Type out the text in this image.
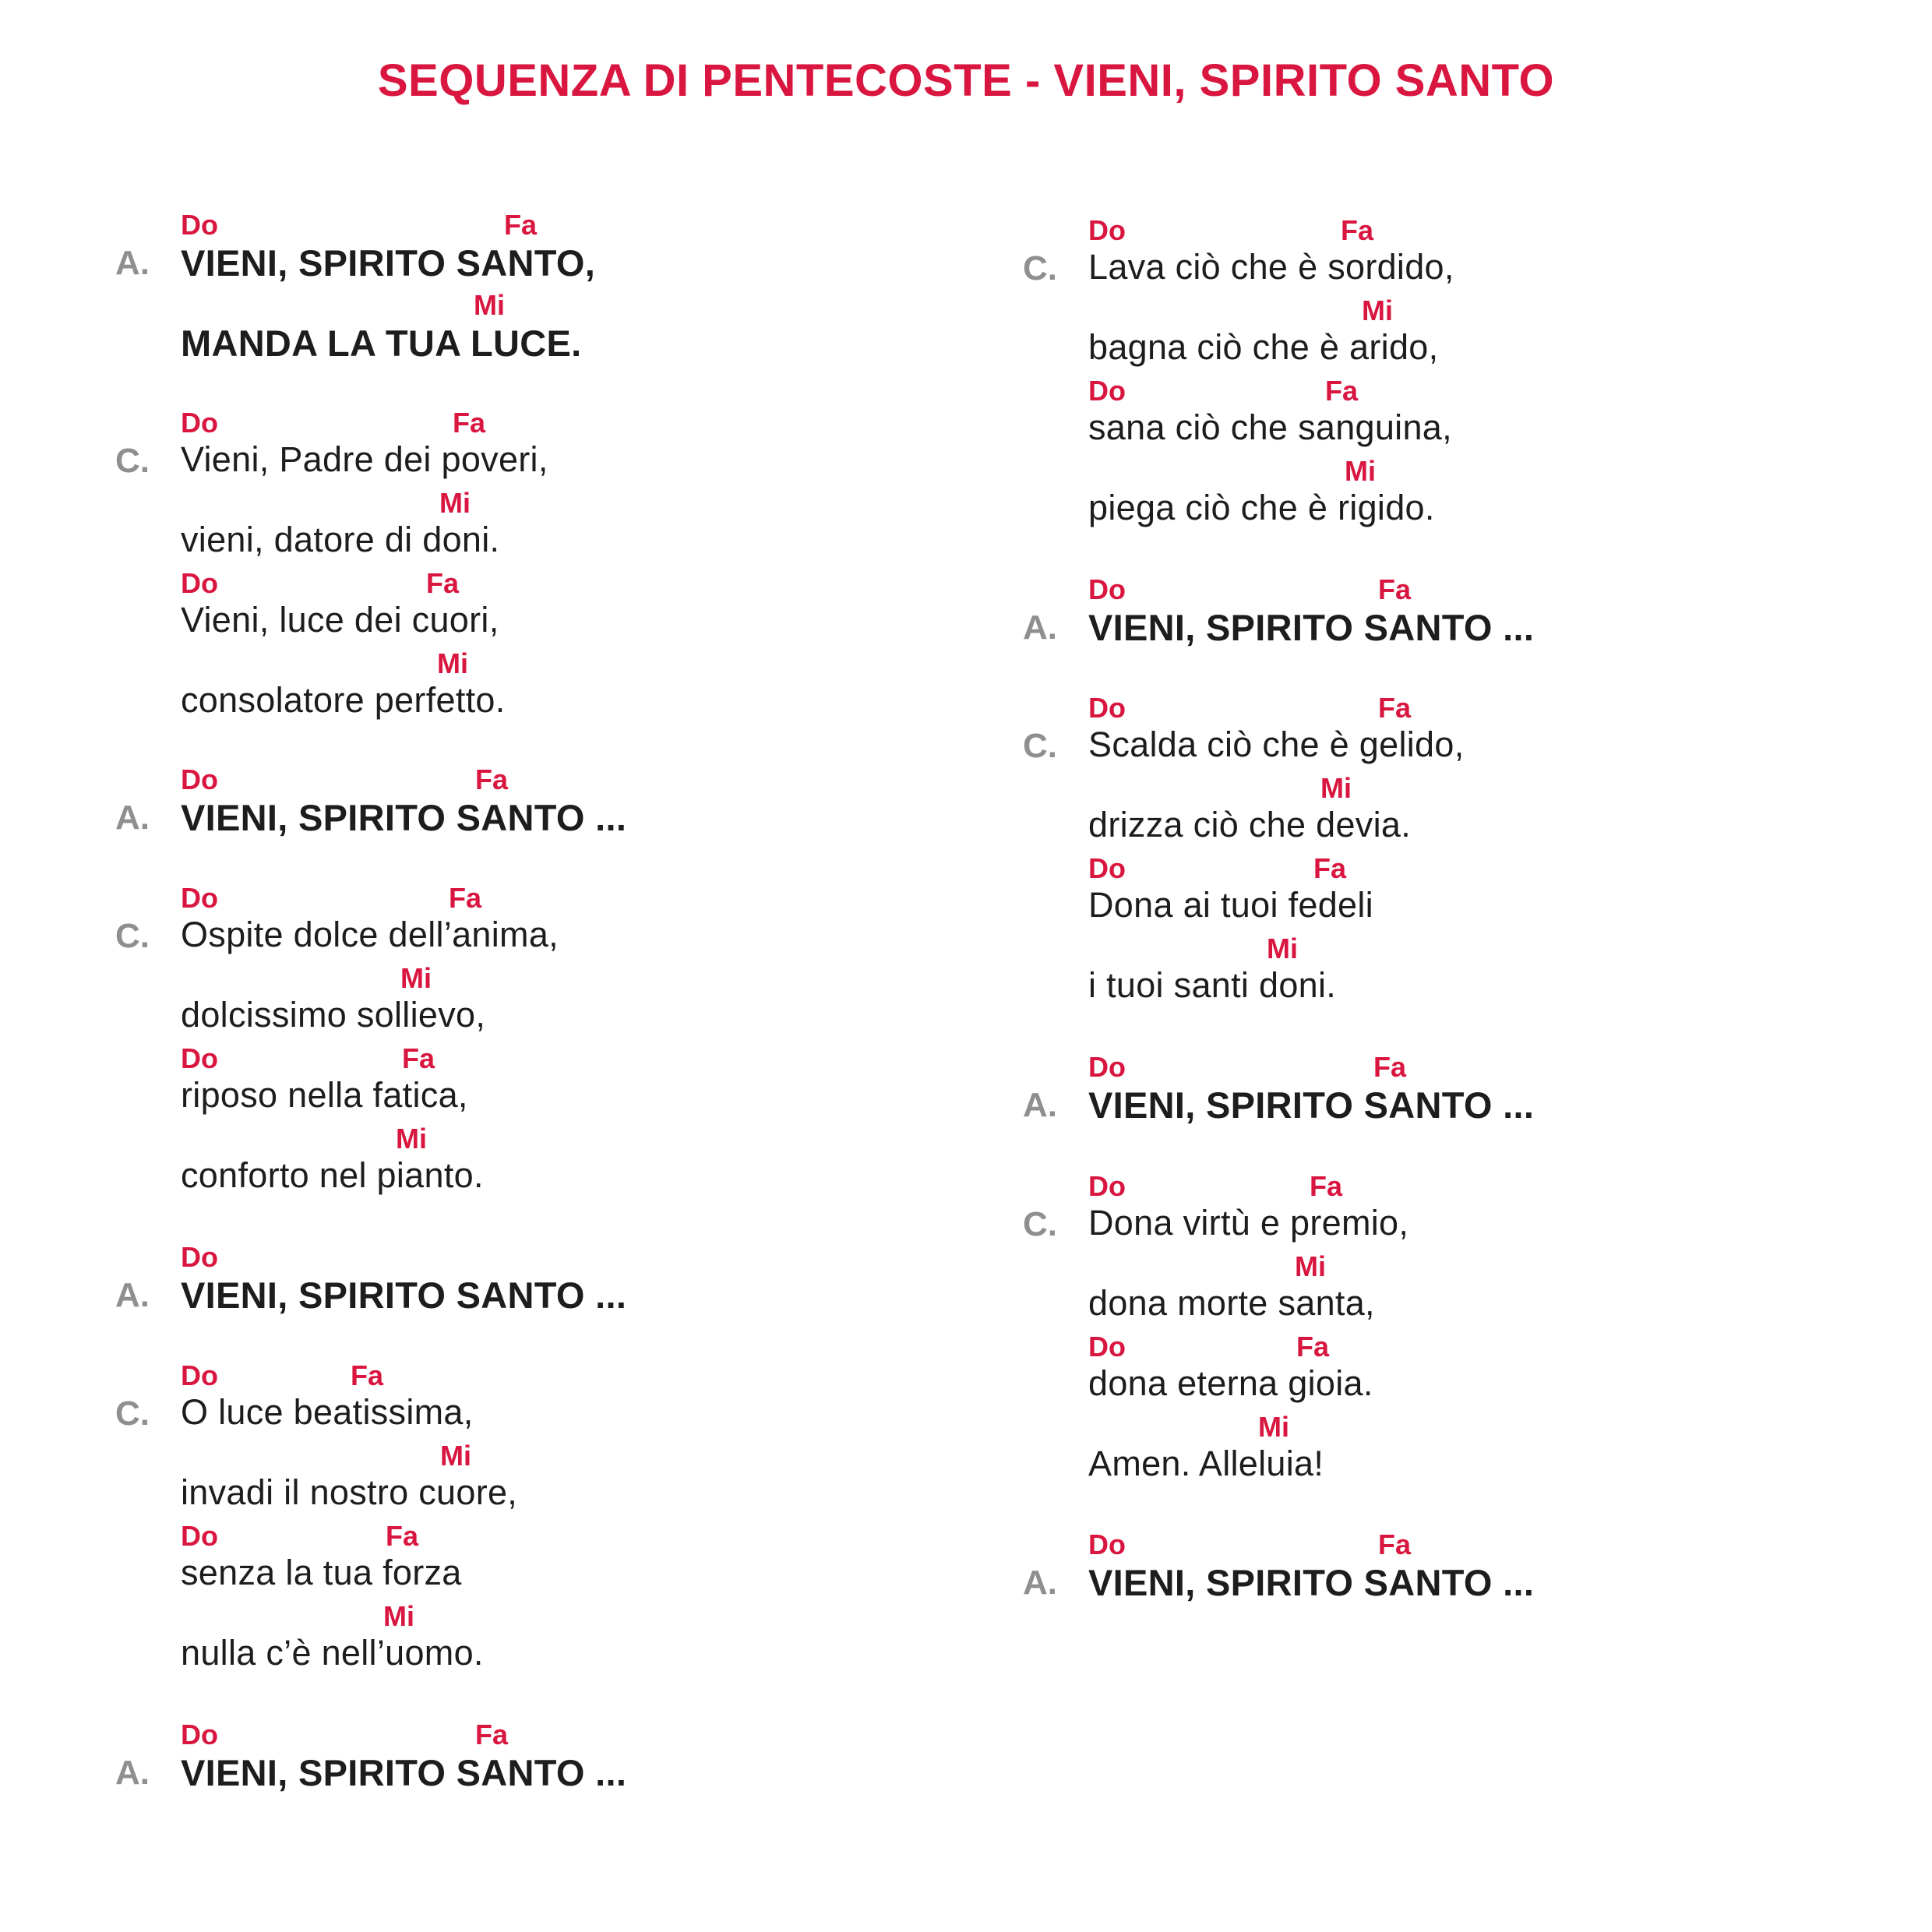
SEQUENZA DI PENTECOSTE - VIENI, SPIRITO SANTO
A. VIENI, SPIRITO SANTO,
Do	Fa
MANDA LA TUA LUCE.
Mi
C. Vieni, Padre dei poveri,
Do	Fa
vieni, datore di doni.
Mi
Vieni, luce dei cuori,
Do	Fa
consolatore perfetto.
Mi
A. VIENI, SPIRITO SANTO ...
Do	Fa
C. Ospite dolce dell’anima,
Do	Fa
dolcissimo sollievo,
Mi
riposo nella fatica,
Do	Fa
conforto nel pianto.
Mi
A. VIENI, SPIRITO SANTO ...
Do
C. O luce beatissima,
Do	Fa
invadi il nostro cuore,
Mi
senza la tua forza
Do	Fa
nulla c’è nell’uomo.
Mi
A. VIENI, SPIRITO SANTO ...
Do	Fa
C. Lava ciò che è sordido,
Do	Fa
bagna ciò che è arido,
Mi
sana ciò che sanguina,
Do	Fa
piega ciò che è rigido.
Mi
A. VIENI, SPIRITO SANTO ...
Do	Fa
C. Scalda ciò che è gelido,
Do	Fa
drizza ciò che devia.
Mi
Dona ai tuoi fedeli
Do	Fa
i tuoi santi doni.
Mi
A. VIENI, SPIRITO SANTO ...
Do	Fa
C. Dona virtù e premio,
Do	Fa
dona morte santa,
Mi
dona eterna gioia.
Do	Fa
Amen. Alleluia!
Mi
A. VIENI, SPIRITO SANTO ...
Do	Fa
